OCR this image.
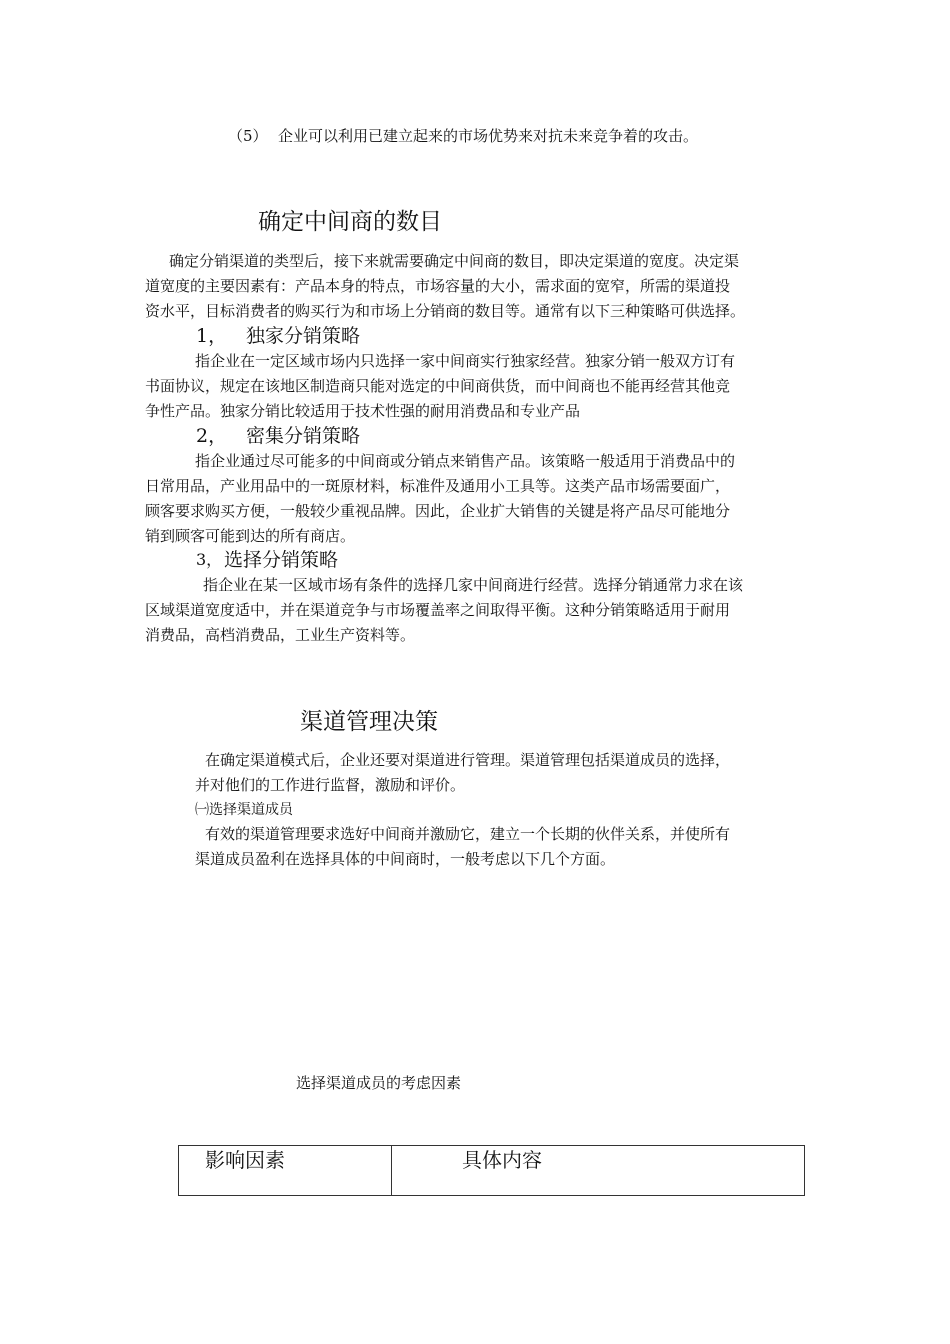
（5） 企业可以利用已建立起来的市场优势来对抗未来竞争着的攻击。
确定中间商的数目

确定分销渠道的类型后，接下来就需要确定中间商的数目，即决定渠道的宽度。决定渠

道宽度的主要因素有：产品本身的特点，市场容量的大小，需求面的宽窄，所需的渠道投

资水平，目标消费者的购买行为和市场上分销商的数目等。通常有以下三种策略可供选择。

1， 独家分销策略

指企业在一定区域市场内只选择一家中间商实行独家经营。独家分销一般双方订有

书面协议，规定在该地区制造商只能对选定的中间商供货，而中间商也不能再经营其他竞

争性产品。独家分销比较适用于技术性强的耐用消费品和专业产品

2， 密集分销策略

指企业通过尽可能多的中间商或分销点来销售产品。该策略一般适用于消费品中的

日常用品，产业用品中的一斑原材料，标准件及通用小工具等。这类产品市场需要面广，

顾客要求购买方便，一般较少重视品牌。因此，企业扩大销售的关键是将产品尽可能地分

销到顾客可能到达的所有商店。

3， 选择分销策略

指企业在某一区域市场有条件的选择几家中间商进行经营。选择分销通常力求在该

区域渠道宽度适中，并在渠道竞争与市场覆盖率之间取得平衡。这种分销策略适用于耐用

消费品，高档消费品，工业生产资料等。

渠道管理决策

在确定渠道模式后，企业还要对渠道进行管理。渠道管理包括渠道成员的选择，

并对他们的工作进行监督，激励和评价。

㈠选择渠道成员

有效的渠道管理要求选好中间商并激励它，建立一个长期的伙伴关系，并使所有

渠道成员盈利在选择具体的中间商时，一般考虑以下几个方面。

选择渠道成员的考虑因素
影响因素	具体内容
